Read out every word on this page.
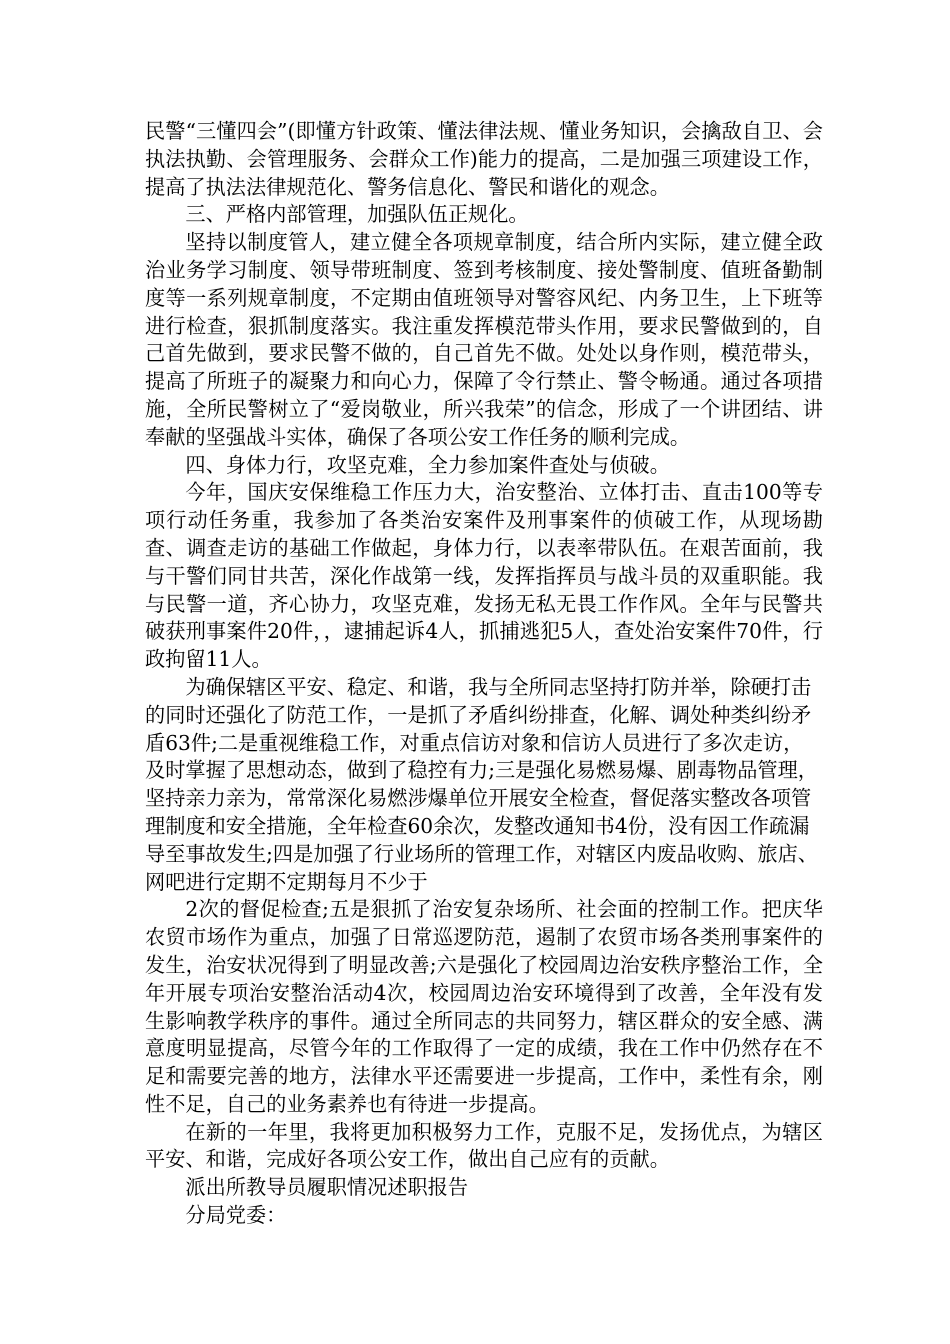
民警“三懂四会”(即懂方针政策、懂法律法规、懂业务知识，会擒敌自卫、会执法执勤、会管理服务、会群众工作)能力的提高，二是加强三项建设工作，提高了执法法律规范化、警务信息化、警民和谐化的观念。

三、严格内部管理，加强队伍正规化。

坚持以制度管人，建立健全各项规章制度，结合所内实际，建立健全政治业务学习制度、领导带班制度、签到考核制度、接处警制度、值班备勤制度等一系列规章制度，不定期由值班领导对警容风纪、内务卫生，上下班等进行检查，狠抓制度落实。我注重发挥模范带头作用，要求民警做到的，自己首先做到，要求民警不做的，自己首先不做。处处以身作则，模范带头，提高了所班子的凝聚力和向心力，保障了令行禁止、警令畅通。通过各项措施，全所民警树立了“爱岗敬业，所兴我荣”的信念，形成了一个讲团结、讲奉献的坚强战斗实体，确保了各项公安工作任务的顺利完成。

四、身体力行，攻坚克难，全力参加案件查处与侦破。

今年，国庆安保维稳工作压力大，治安整治、立体打击、直击100等专项行动任务重，我参加了各类治安案件及刑事案件的侦破工作，从现场勘查、调查走访的基础工作做起，身体力行，以表率带队伍。在艰苦面前，我与干警们同甘共苦，深化作战第一线，发挥指挥员与战斗员的双重职能。我与民警一道，齐心协力，攻坚克难，发扬无私无畏工作作风。全年与民警共破获刑事案件20件，，逮捕起诉4人，抓捕逃犯5人，查处治安案件70件，行政拘留11人。

为确保辖区平安、稳定、和谐，我与全所同志坚持打防并举，除硬打击的同时还强化了防范工作，一是抓了矛盾纠纷排查，化解、调处种类纠纷矛盾63件;二是重视维稳工作，对重点信访对象和信访人员进行了多次走访，及时掌握了思想动态，做到了稳控有力;三是强化易燃易爆、剧毒物品管理，坚持亲力亲为，常常深化易燃涉爆单位开展安全检查，督促落实整改各项管理制度和安全措施，全年检查60余次，发整改通知书4份，没有因工作疏漏导至事故发生;四是加强了行业场所的管理工作，对辖区内废品收购、旅店、网吧进行定期不定期每月不少于

2次的督促检查;五是狠抓了治安复杂场所、社会面的控制工作。把庆华农贸市场作为重点，加强了日常巡逻防范，遏制了农贸市场各类刑事案件的发生，治安状况得到了明显改善;六是强化了校园周边治安秩序整治工作，全年开展专项治安整治活动4次，校园周边治安环境得到了改善，全年没有发生影响教学秩序的事件。通过全所同志的共同努力，辖区群众的安全感、满意度明显提高，尽管今年的工作取得了一定的成绩，我在工作中仍然存在不足和需要完善的地方，法律水平还需要进一步提高，工作中，柔性有余，刚性不足，自己的业务素养也有待进一步提高。

在新的一年里，我将更加积极努力工作，克服不足，发扬优点，为辖区平安、和谐，完成好各项公安工作，做出自己应有的贡献。

派出所教导员履职情况述职报告

分局党委：
